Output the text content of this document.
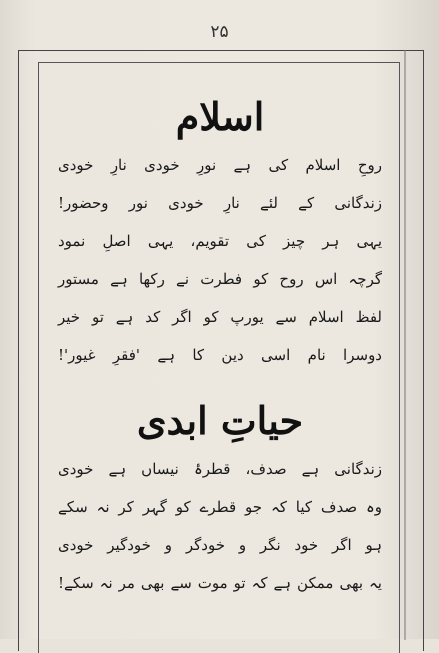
۲۵
اسلام
روحِ اسلام کی ہے نورِ خودی نارِ خودی
زندگانی کے لئے نارِ خودی نور وحضور!
یہی ہر چیز کی تقویم، یہی اصلِ نمود
گرچہ اس روح کو فطرت نے رکھا ہے مستور
لفظ اسلام سے یورپ کو اگر کد ہے تو خیر
دوسرا نام اسی دین کا ہے 'فقرِ غیور'!
حیاتِ ابدی
زندگانی ہے صدف، قطرۂ نیساں ہے خودی
وہ صدف کیا کہ جو قطرے کو گہر کر نہ سکے
ہو اگر خود نگر و خودگر و خودگیر خودی
یہ بھی ممکن ہے کہ تو موت سے بھی مر نہ سکے!
